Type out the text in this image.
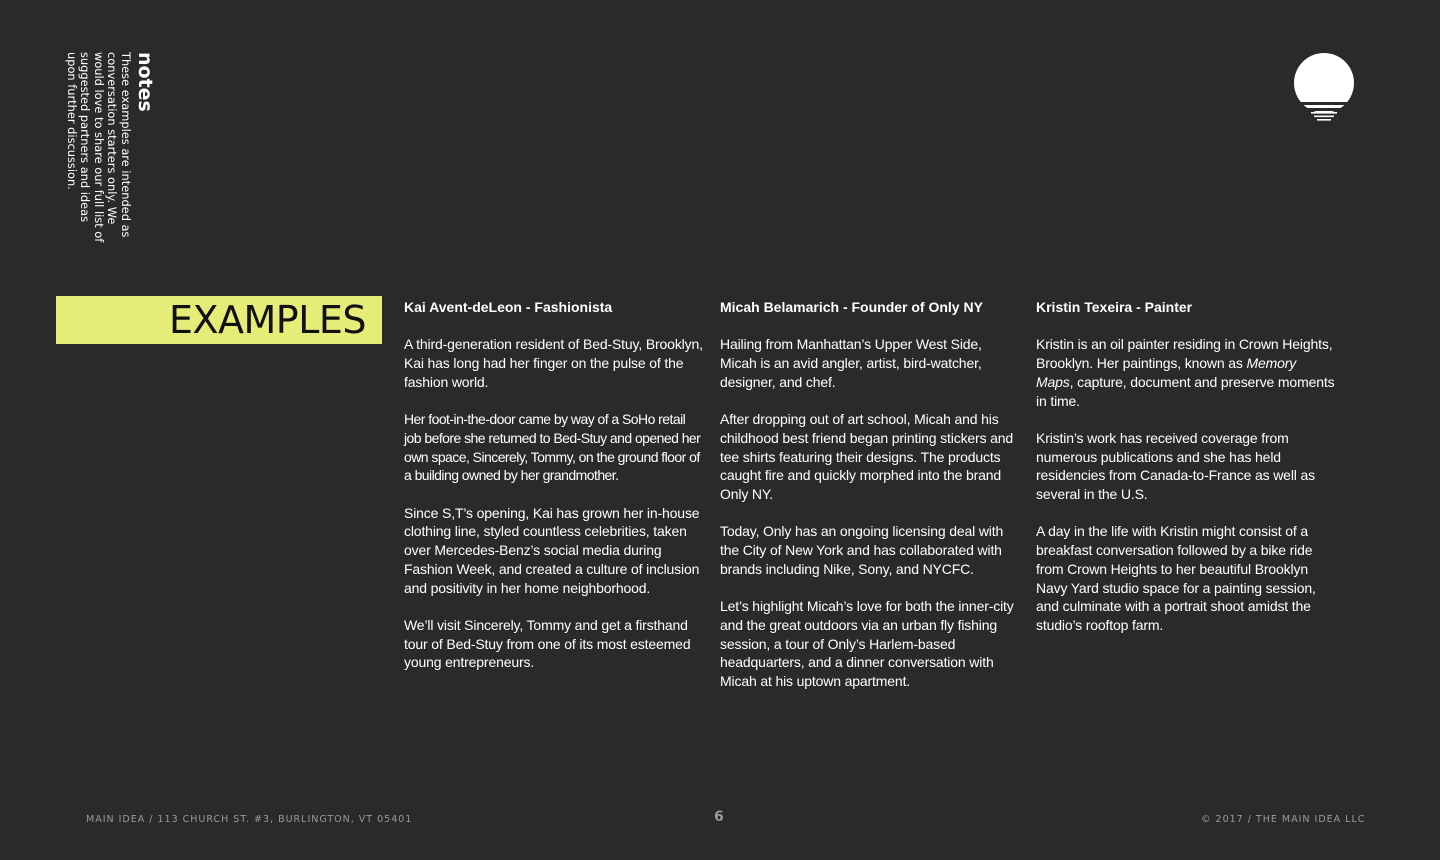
notes

These examples are intended as conversation starters only. We would love to share our full list of suggested partners and ideas upon further discussion.

EXAMPLES	Kai Avent-deLeon - Fashionista

A third-generation resident of Bed-Stuy, Brooklyn, Kai has long had her finger on the pulse of the fashion world.

Her foot-in-the-door came by way of a SoHo retail job before she returned to Bed-Stuy and opened her own space, Sincerely, Tommy, on the ground floor of a building owned by her grandmother.

Since S,T’s opening, Kai has grown her in-house clothing line, styled countless celebrities, taken over Mercedes-Benz’s social media during Fashion Week, and created a culture of inclusion and positivity in her home neighborhood.

We’ll visit Sincerely, Tommy and get a firsthand tour of Bed-Stuy from one of its most esteemed young entrepreneurs.

Micah Belamarich - Founder of Only NY

Hailing from Manhattan’s Upper West Side, Micah is an avid angler, artist, bird-watcher, designer, and chef.

After dropping out of art school, Micah and his childhood best friend began printing stickers and tee shirts featuring their designs. The products caught fire and quickly morphed into the brand Only NY.

Today, Only has an ongoing licensing deal with the City of New York and has collaborated with brands including Nike, Sony, and NYCFC.

Let’s highlight Micah’s love for both the inner-city and the great outdoors via an urban fly fishing session, a tour of Only’s Harlem-based headquarters, and a dinner conversation with Micah at his uptown apartment.

Kristin Texeira - Painter

Kristin is an oil painter residing in Crown Heights, Brooklyn. Her paintings, known as Memory Maps, capture, document and preserve moments in time.

Kristin’s work has received coverage from numerous publications and she has held residencies from Canada-to-France as well as several in the U.S.

A day in the life with Kristin might consist of a breakfast conversation followed by a bike ride from Crown Heights to her beautiful Brooklyn Navy Yard studio space for a painting session, and culminate with a portrait shoot amidst the studio’s rooftop farm.

MAIN IDEA / 113 CHURCH ST. #3, BURLINGTON, VT 05401	6	© 2017 / THE MAIN IDEA LLC
